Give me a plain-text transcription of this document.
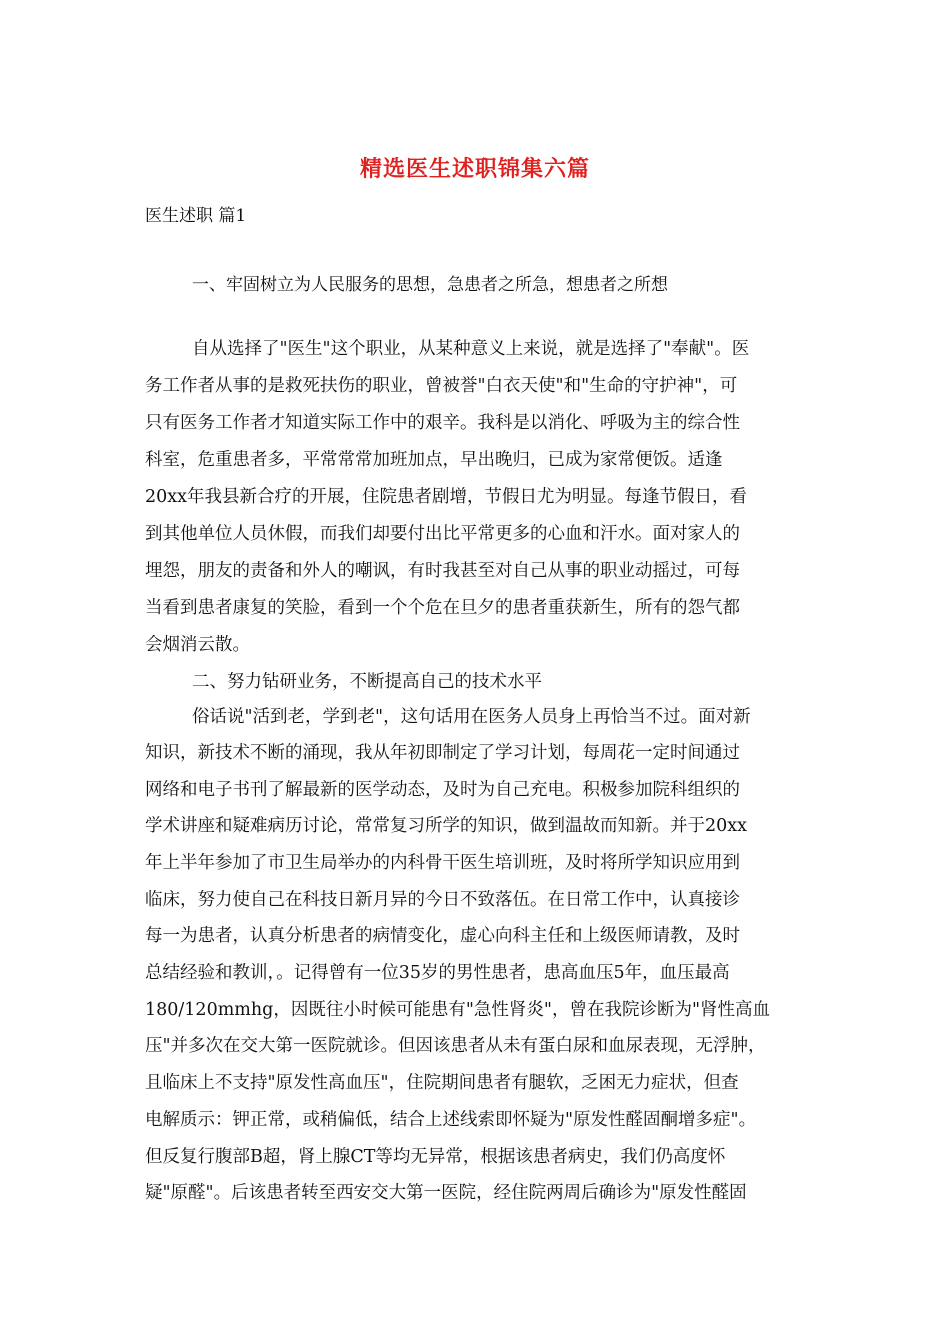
精选医生述职锦集六篇
医生述职 篇1
一、牢固树立为人民服务的思想，急患者之所急，想患者之所想
自从选择了"医生"这个职业，从某种意义上来说，就是选择了"奉献"。医
务工作者从事的是救死扶伤的职业，曾被誉"白衣天使"和"生命的守护神"，可
只有医务工作者才知道实际工作中的艰辛。我科是以消化、呼吸为主的综合性
科室，危重患者多，平常常常加班加点，早出晚归，已成为家常便饭。适逢
20xx年我县新合疗的开展，住院患者剧增，节假日尤为明显。每逢节假日，看
到其他单位人员休假，而我们却要付出比平常更多的心血和汗水。面对家人的
埋怨，朋友的责备和外人的嘲讽，有时我甚至对自己从事的职业动摇过，可每
当看到患者康复的笑脸，看到一个个危在旦夕的患者重获新生，所有的怨气都
会烟消云散。
二、努力钻研业务，不断提高自己的技术水平
俗话说"活到老，学到老"，这句话用在医务人员身上再恰当不过。面对新
知识，新技术不断的涌现，我从年初即制定了学习计划，每周花一定时间通过
网络和电子书刊了解最新的医学动态，及时为自己充电。积极参加院科组织的
学术讲座和疑难病历讨论，常常复习所学的知识，做到温故而知新。并于20xx
年上半年参加了市卫生局举办的内科骨干医生培训班，及时将所学知识应用到
临床，努力使自己在科技日新月异的今日不致落伍。在日常工作中，认真接诊
每一为患者，认真分析患者的病情变化，虚心向科主任和上级医师请教，及时
总结经验和教训，。记得曾有一位35岁的男性患者，患高血压5年，血压最高
180/120mmhg，因既往小时候可能患有"急性肾炎"，曾在我院诊断为"肾性高血
压"并多次在交大第一医院就诊。但因该患者从未有蛋白尿和血尿表现，无浮肿，
且临床上不支持"原发性高血压"，住院期间患者有腿软，乏困无力症状，但查
电解质示：钾正常，或稍偏低，结合上述线索即怀疑为"原发性醛固酮增多症"。
但反复行腹部B超，肾上腺CT等均无异常，根据该患者病史，我们仍高度怀
疑"原醛"。后该患者转至西安交大第一医院，经住院两周后确诊为"原发性醛固
